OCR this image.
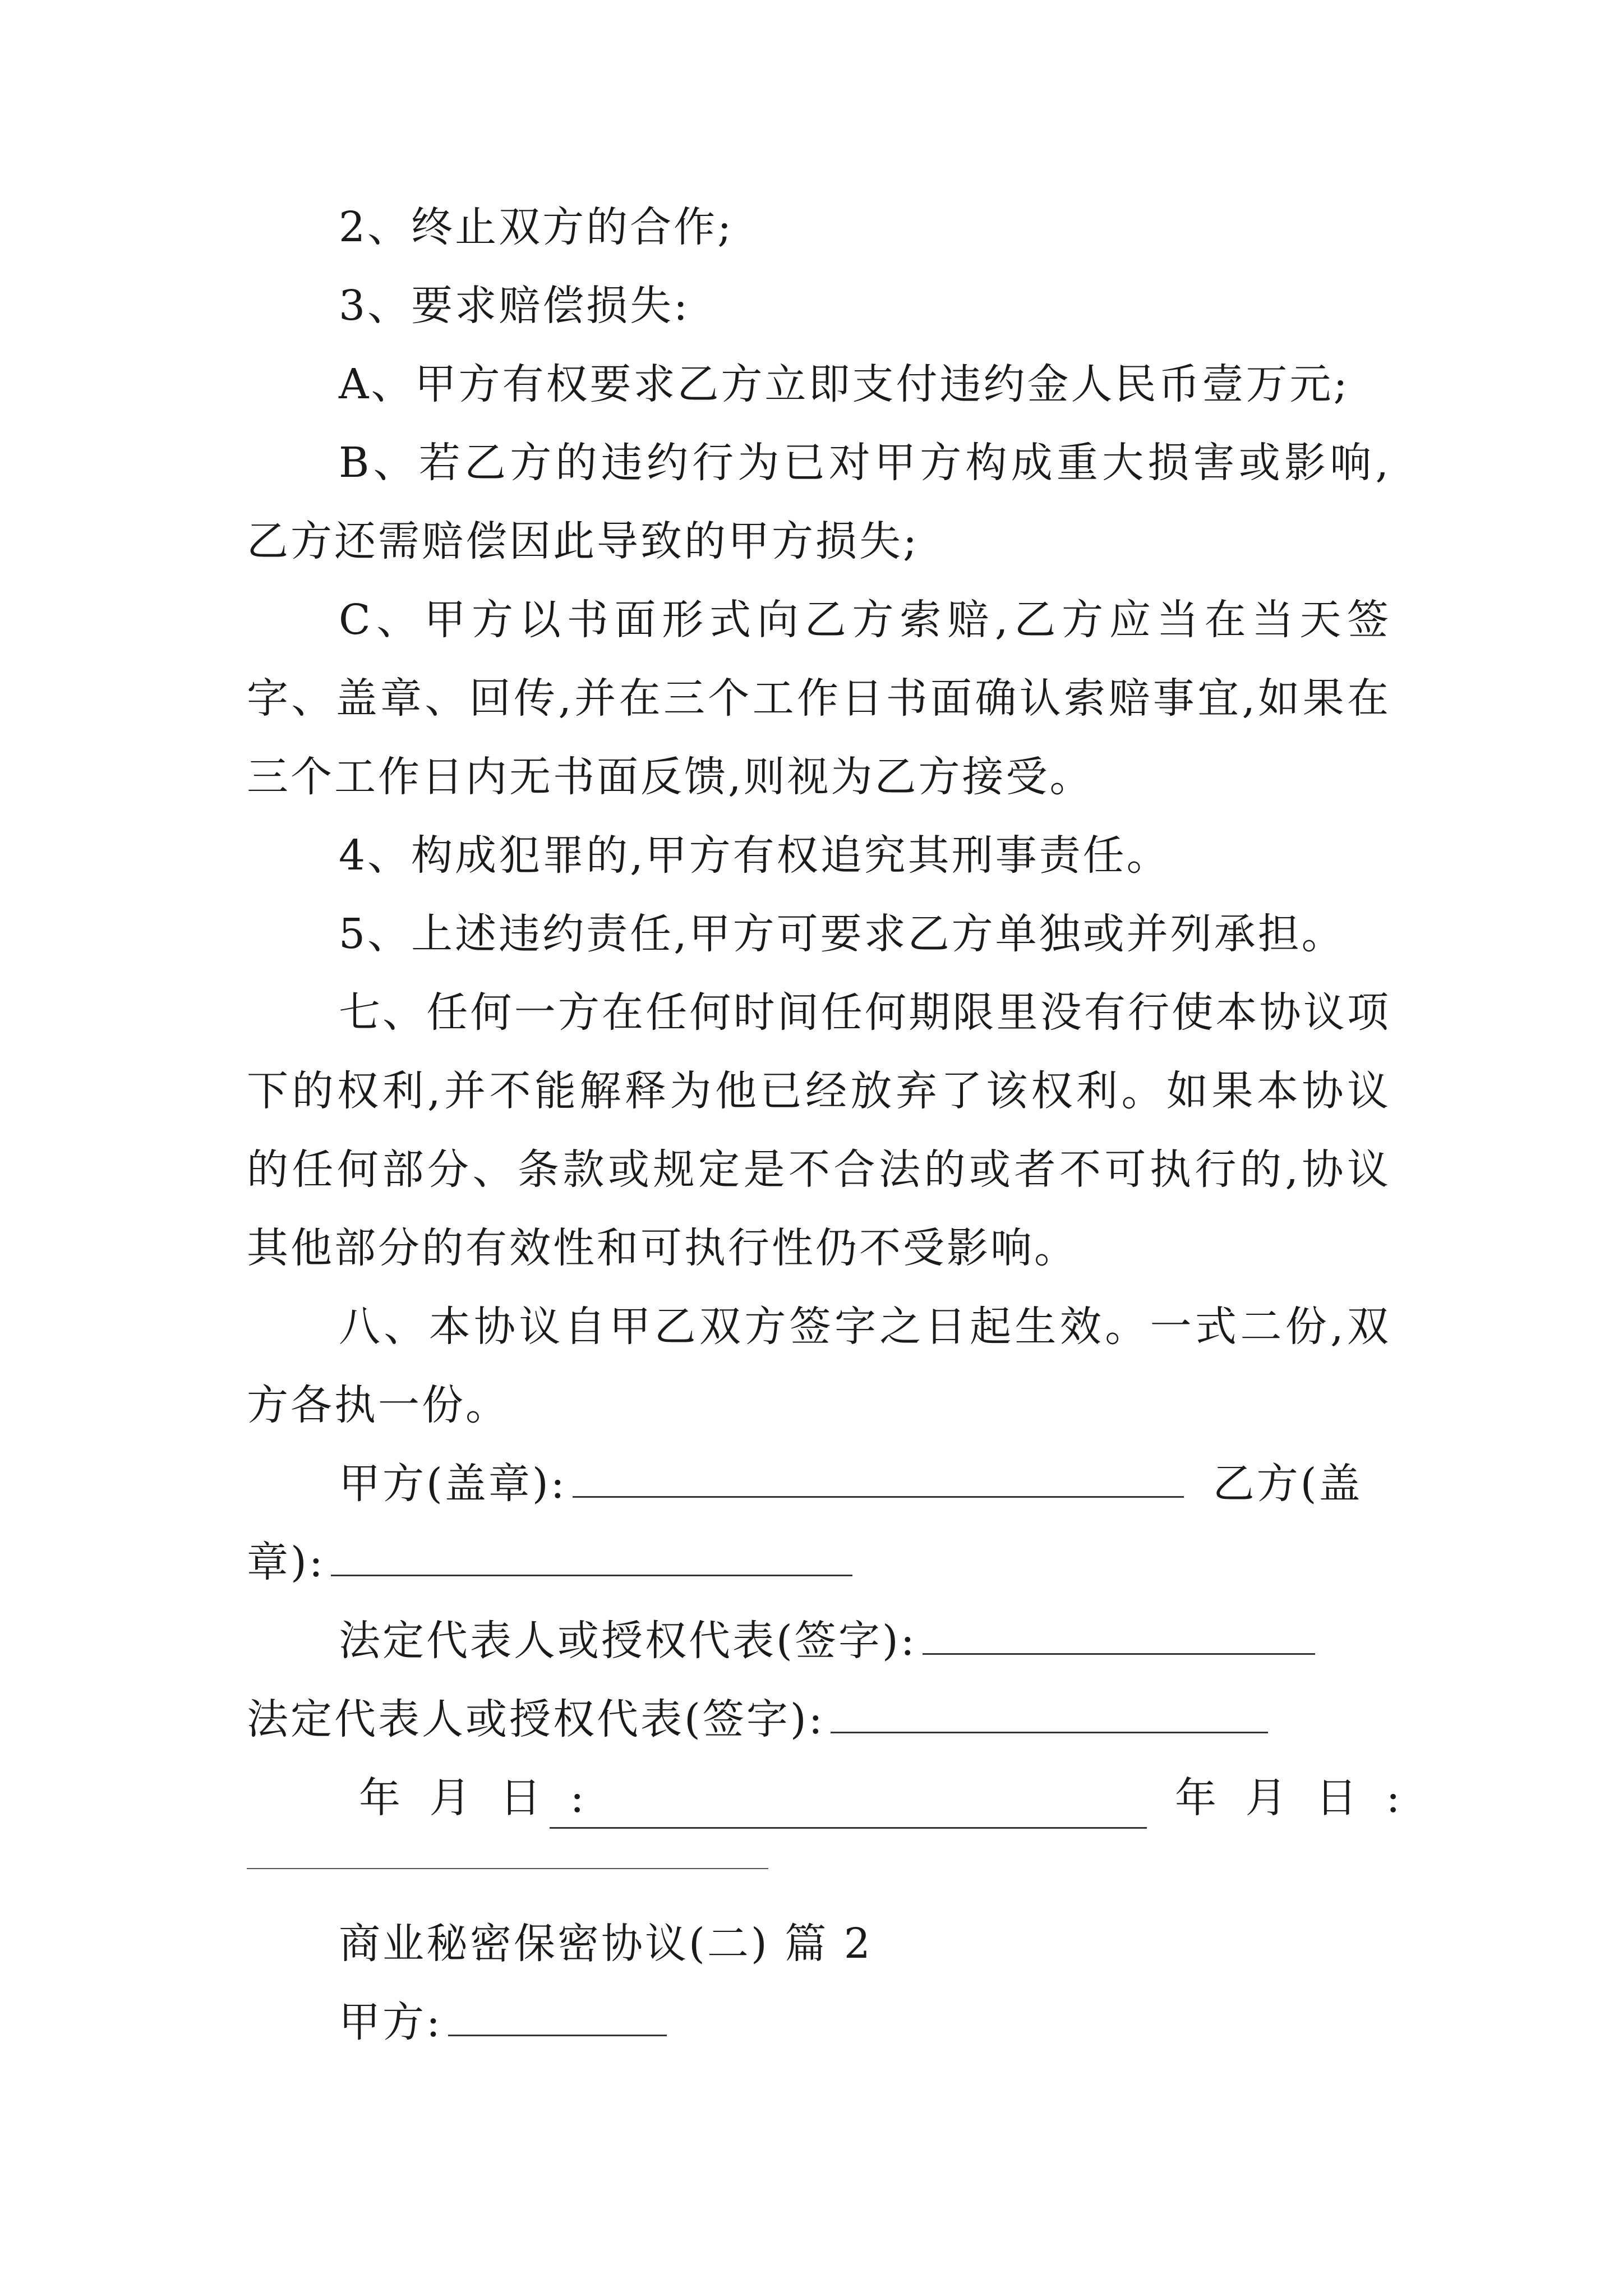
2、终止双方的合作;

3、要求赔偿损失:

A、甲方有权要求乙方立即支付违约金人民币壹万元;

B、若乙方的违约行为已对甲方构成重大损害或影响,乙方还需赔偿因此导致的甲方损失;

C、甲方以书面形式向乙方索赔,乙方应当在当天签字、盖章、回传,并在三个工作日书面确认索赔事宜,如果在三个工作日内无书面反馈,则视为乙方接受。

4、构成犯罪的,甲方有权追究其刑事责任。

5、上述违约责任,甲方可要求乙方单独或并列承担。

七、任何一方在任何时间任何期限里没有行使本协议项下的权利,并不能解释为他已经放弃了该权利。如果本协议的任何部分、条款或规定是不合法的或者不可执行的,协议其他部分的有效性和可执行性仍不受影响。

八、本协议自甲乙双方签字之日起生效。一式二份,双方各执一份。

甲方(盖章):	乙方(盖
章):
法定代表人或授权代表(签字):
法定代表人或授权代表(签字):
年 月 日 :	年 月 日 :
商业秘密保密协议(二) 篇 2
甲方:
